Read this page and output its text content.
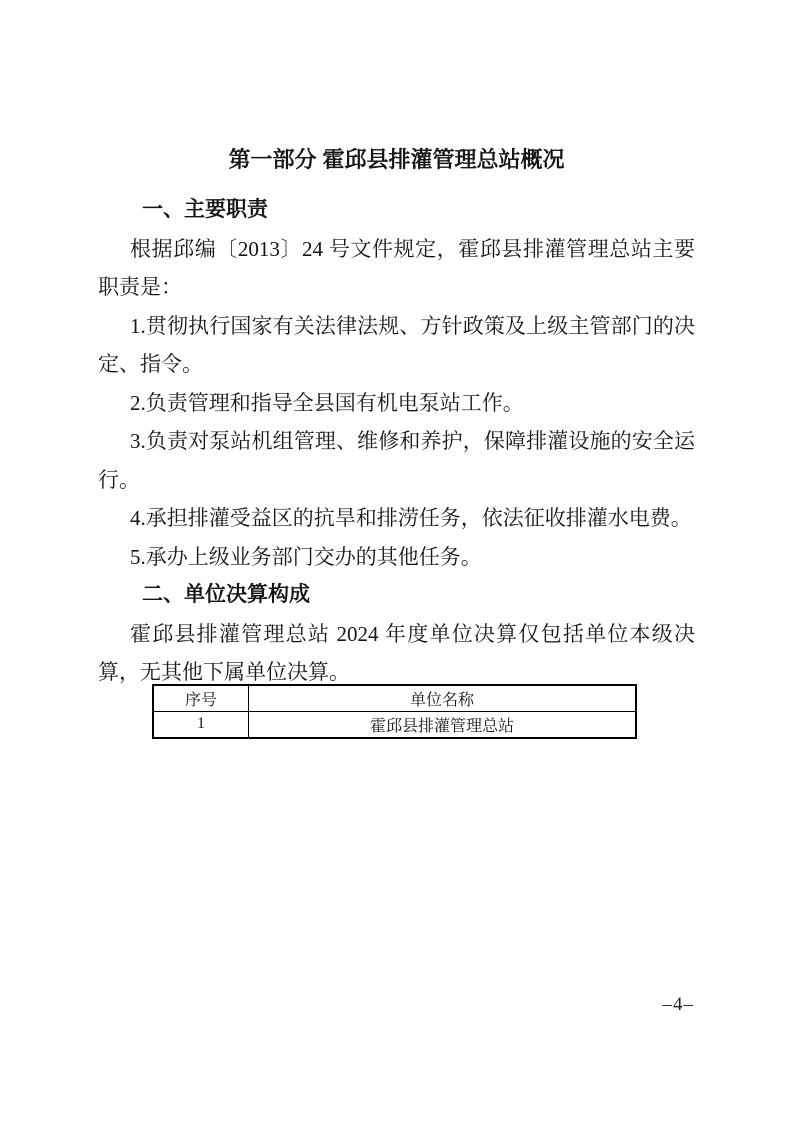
第一部分 霍邱县排灌管理总站概况
一、主要职责

根据邱编〔2013〕24 号文件规定，霍邱县排灌管理总站主要职责是：

1.贯彻执行国家有关法律法规、方针政策及上级主管部门的决定、指令。

2.负责管理和指导全县国有机电泵站工作。

3.负责对泵站机组管理、维修和养护，保障排灌设施的安全运行。

4.承担排灌受益区的抗旱和排涝任务，依法征收排灌水电费。

5.承办上级业务部门交办的其他任务。

二、单位决算构成

霍邱县排灌管理总站 2024 年度单位决算仅包括单位本级决算，无其他下属单位决算。

序号	单位名称
1	霍邱县排灌管理总站
–4–
